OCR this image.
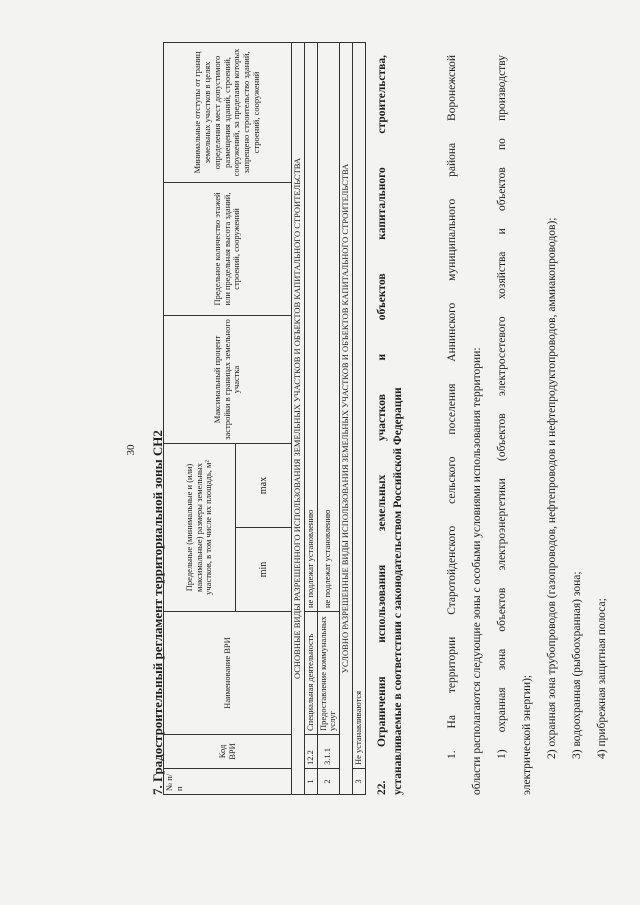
30 7. Градостроительный регламент территориальной зоны СН2 № п/п	Код ВРИ	Наименование ВРИ	Предельные (минимальные и (или) максимальные) размеры земельных участков, в том числе их площадь, м²		Максимальный процент застройки в границах земельного участка	Предельное количество этажей или предельная высота зданий, строений, сооружений	Минимальные отступы от границ земельных участков в целях определения мест допустимого размещения зданий, строений, сооружений, за пределами которых запрещено строительство зданий, строений, сооружений
			min	max			
ОСНОВНЫЕ ВИДЫ РАЗРЕШЕННОГО ИСПОЛЬЗОВАНИЯ ЗЕМЕЛЬНЫХ УЧАСТКОВ И ОБЪЕКТОВ КАПИТАЛЬНОГО СТРОИТЕЛЬСТВА							
1	12.2	Специальная деятельность	не подлежат установлению				
2	3.1.1	Предоставление коммунальных услуг	не подлежат установлению				
УСЛОВНО РАЗРЕШЕННЫЕ ВИДЫ ИСПОЛЬЗОВАНИЯ ЗЕМЕЛЬНЫХ УЧАСТКОВ И ОБЪЕКТОВ КАПИТАЛЬНОГО СТРОИТЕЛЬСТВА							
3	Не устанавливаются						
22.
Ограничения
использования
земельных
участков
и
объектов
капитального
строительства,
устанавливаемые в соответствии с законодательством Российской Федерации	1. На территории Старотойденского сельского поселения Аннинского муниципального района Воронежской	области располагаются следующие зоны с особыми условиями использования территории:	1) охранная зона объектов электроэнергетики (объектов электросетевого хозяйства и объектов по производству	электрической энергии);	2) охранная зона трубопроводов (газопроводов, нефтепроводов и нефтепродуктопроводов, аммиакопроводов);	3) водоохранная (рыбоохранная) зона;	4) прибрежная защитная полоса;
